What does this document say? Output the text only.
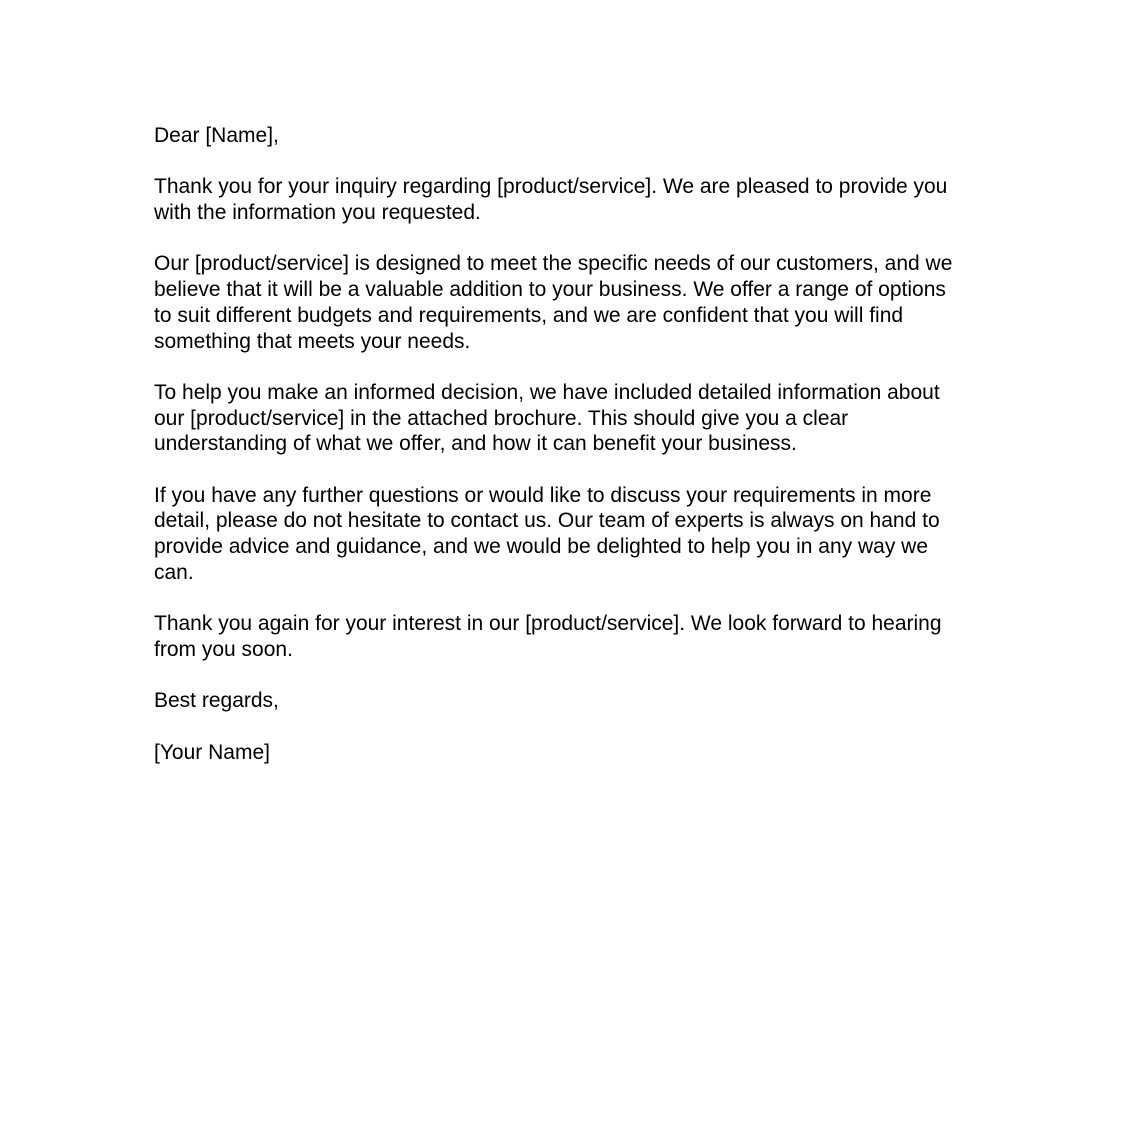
Dear [Name],

Thank you for your inquiry regarding [product/service]. We are pleased to provide you with the information you requested.

Our [product/service] is designed to meet the specific needs of our customers, and we believe that it will be a valuable addition to your business. We offer a range of options to suit different budgets and requirements, and we are confident that you will find something that meets your needs.

To help you make an informed decision, we have included detailed information about our [product/service] in the attached brochure. This should give you a clear understanding of what we offer, and how it can benefit your business.

If you have any further questions or would like to discuss your requirements in more detail, please do not hesitate to contact us. Our team of experts is always on hand to provide advice and guidance, and we would be delighted to help you in any way we can.

Thank you again for your interest in our [product/service]. We look forward to hearing from you soon.

Best regards,

[Your Name]
